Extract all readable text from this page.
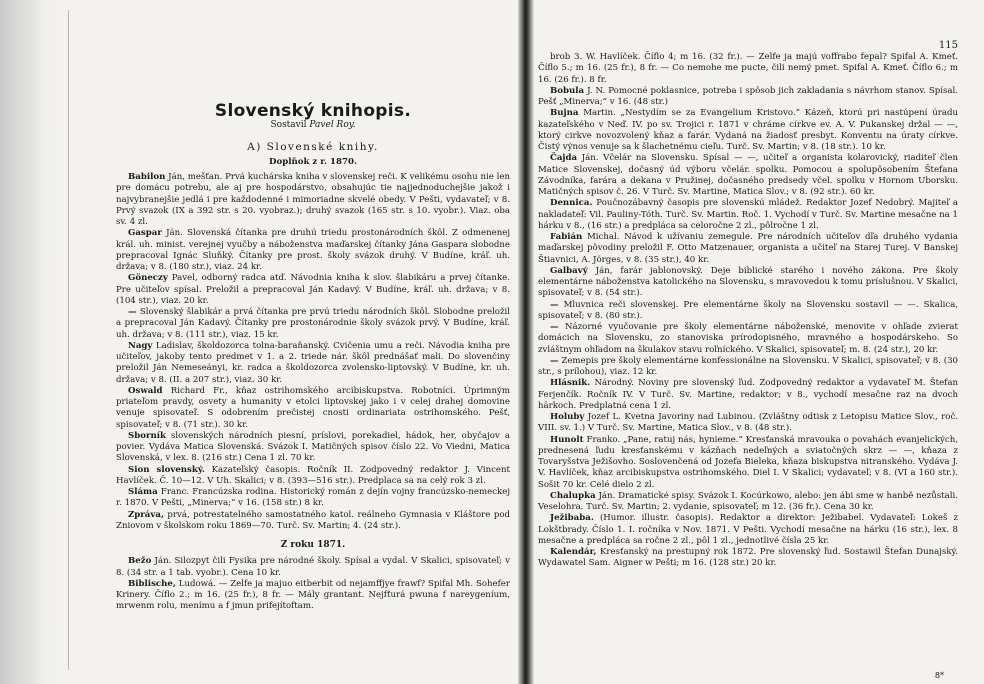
Slovenský knihopis.
Sostavil Pavel Roy.
A) Slovenské knihy.
Doplňok z r. 1870.

Babilon Ján, mešťan. Prvá kuchárska kniha v slovenskej reči. K velikému osohu nie len pre domácu potrebu, ale aj pre hospodárstvo, obsahujúc tie najjednoduchejšie jakož i najvybranejšie jedlá i pre každodenné i mimoriadne skvelé obedy. V Pešti, vydavateľ; v 8. Prvý svazok (IX a 392 str. s 20. vyobraz.); druhý svazok (165 str. s 10. vyobr.). Viaz. oba sv. 4 zl.

Gaspar Ján. Slovenská čítanka pre druhú triedu prostonárodních škôl. Z odmenenej král. uh. minist. verejnej vyučby a náboženstva maďarskej čítanky Jána Gaspara slobodne prepracoval Ignác Sluňký. Čítanky pre prost. školy svázok druhý. V Budíne, kráľ. uh. država; v 8. (180 str.), viaz. 24 kr.

Göneczy Pavel, odborný radca atď. Návodnia kniha k slov. šlabikáru a prvej čítanke. Pre učiteľov spísal. Preložil a prepracoval Ján Kadavý. V Budíne, kráľ. uh. država; v 8. (104 str.), viaz. 20 kr.

— Slovenský šlabikár a prvá čítanka pre prvú triedu národních škôl. Slobodne preložil a prepracoval Ján Kadavý. Čítanky pre prostonárodnie školy svázok prvý. V Budíne, kráľ. uh. država; v 8. (111 str.), viaz. 15 kr.

Nagy Ladislav, školdozorca tolna-baraňanský. Cvičenia umu a reči. Návodia kniha pre učiteľov, jakoby tento predmet v 1. a 2. triede nár. škôl prednášať mali. Do slovenčiny preložil Ján Nemeseányi, kr. radca a školdozorca zvolensko-liptovský. V Budíne, kr. uh. država; v 8. (II. a 207 str.), viaz. 30 kr.

Oswald Richard Fr., kňaz ostrihomského arcibiskupstva. Robotníci. Úprimným priateľom pravdy, osvety a humanity v etolci liptovskej jako i v celej drahej domovine venuje spisovateľ. S odobrením prečistej cnosti ordinariata ostrihomského. Pešť, spisovateľ; v 8. (71 str.). 30 kr.

Sborník slovenských národních piesní, príslovi, porekadiel, hádok, her, obyčajov a povier. Vydáva Matica Slovenská. Svázok I. Matičných spisov číslo 22. Vo Viedni, Matica Slovenská, v lex. 8. (216 str.) Cena 1 zl. 70 kr.

Sion slovenský. Kazateľský časopis. Ročník II. Zodpovedný redaktor J. Vincent Havlíček. Č. 10—12. V Uh. Skalici; v 8. (393—516 str.). Predplaca sa na celý rok 3 zl.

Sláma Franc. Francúzska rodina. Historický román z dejín vojny francúzsko-nemeckej r. 1870. V Pešti, „Minerva;“ v 16. (158 str.) 8 kr.

Zpráva, prvá, potrestatelného samostatného katol. reálneho Gymnasia v Kláštore pod Zniovom v školskom roku 1869—70. Turč. Sv. Martin; 4. (24 str.).

Z roku 1871.

Bežo Ján. Silozpyt čili Fysika pre národné školy. Spísal a vydal. V Skalici, spisovateľ; v 8. (34 str. a 1 tab. vyobr.). Cena 10 kr.

Biblische, Ludowá. — Zelfe ja majuo eitberbit od nejamffjye frawf? Spifal Mh. Sohefer Krinery. Číflo 2.; m 16. (25 fr.), 8 fr. — Mály grantant. Nejfťurá pwuna f nareygeníum, mrwenm rolu, menímu a f jmun prifejítoftam.

115

brob 3. W. Havlíček. Číflo 4; m 16. (32 fr.). — Zelfe ja majú voffrabo fepal? Spifal A. Kmeť. Číflo 5.; m 16. (25 fr.), 8 fr. — Co nemohe me pucte, čili nemý pmet. Spifal A. Kmeť. Číflo 6.; m 16. (26 fr.). 8 fr.

Bobula J. N. Pomocné poklasnice, potreba i spôsob jich zakladania s návrhom stanov. Spísal. Pešť „Minerva;“ v 16. (48 str.)

Bujna Martin. „Nestydím se za Evangelium Kristovo.“ Kázeň, ktorú pri nastúpení úradu kazateľského v Neď. IV. po sv. Trojici r. 1871 v chráme církve ev. A. V. Pukanskej držal — —, ktorý cirkve novozvolený kňaz a farár. Vydaná na žiadosť presbyt. Konventu na úraty církve. Čistý výnos venuje sa k šlachetnému cieľu. Turč. Sv. Martin; v 8. (18 str.). 10 kr.

Čajda Ján. Včelár na Slovensku. Spísal — —, učiteľ a organista kolarovický, riaditeľ člen Matice Slovenskej, dočasný úd výboru včelár. spolku. Pomocou a spolupôsobením Štefana Závodníka, farára a dekana v Pružinej, dočasného predsedy včel. spolku v Hornom Uborsku. Matičných spisov č. 26. V Turč. Sv. Martine, Matica Slov.; v 8. (92 str.). 60 kr.

Dennica. Poučnozábavný časopis pre slovenskú mládež. Redaktor Jozef Nedobrý. Majiteľ a nakladateľ: Vil. Pauliny-Tóth. Turč. Sv. Martin. Roč. 1. Vychodí v Turč. Sv. Martine mesačne na 1 hárku v 8., (16 str.) a predpláca sa celoročne 2 zl., pôlročne 1 zl.

Fabián Michal. Návod k užívaniu zemegule. Pre národních učiteľov dľa druhého vydania maďarskej pôvodiny preložil F. Otto Matzenauer, organista a učiteľ na Starej Turej. V Banskej Štiavnici, A. Jörges, v 8. (35 str.), 40 kr.

Galbavý Ján, farár jablonovský. Deje biblické starého i nového zákona. Pre školy elementárne náboženstva katolického na Slovensku, s mravovedou k tomu príslušnou. V Skalici, spisovateľ; v 8. (54 str.).

— Mluvnica reči slovenskej. Pre elementárne školy na Slovensku sostavil — —. Skalica, spisovateľ; v 8. (80 str.).

— Názorné vyučovanie pre školy elementárne náboženské, menovite v ohľade zvierat domácich na Slovensku, zo stanoviska prírodopisného, mravného a hospodárskeho. So zvláštnym ohľadom na škulakov stavu roľníckého. V Skalici, spisovateľ; m. 8. (24 str.), 20 kr.

— Zemepis pre školy elementárne konfessionálne na Slovensku. V Skalici, spisovateľ; v 8. (30 str., s prílohou), viaz. 12 kr.

Hlásnik. Národný. Noviny pre slovenský ľud. Zodpovedný redaktor a vydavateľ M. Štefan Ferjenčík. Ročník IV. V Turč. Sv. Martine, redaktor; v 8., vychodí mesačne raz na dvoch hárkoch. Predplatná cena 1 zl.

Holuby Jozef L. Kvetna Javoriny nad Lubinou. (Zvláštny odtisk z Letopisu Matice Slov., roč. VIII. sv. 1.) V Turč. Sv. Martine, Matica Slov., v 8. (48 str.).

Hunolt Franko. „Pane, ratuj nás, hynieme.“ Kresťanská mravouka o povahách evanjelických, prednesená ľudu kresťanskému v kázňach nedeľných a sviatočných skrz — —, kňaza z Tovaryšstva Ježišovho. Soslovenčená od Jozefa Bieleka, kňaza biskupstva nitranského. Vydáva J. V. Havlíček, kňaz arcibiskupstva ostrihomského. Diel I. V Skalici; vydavateľ; v 8. (VI a 160 str.). Sošit 70 kr. Celé dielo 2 zl.

Chalupka Ján. Dramatické spisy. Svázok I. Kocúrkowo, alebo: jen ábi sme w hanbě nezůstali. Veselohra. Turč. Sv. Martin; 2. vydanie, spisovateľ; m 12. (36 fr.). Cena 30 kr.

Ježibaba. (Humor. illustr. časopis). Redaktor a direktor: Ježibabel. Vydavateľ: Lokeš z Lokštbrady. Číslo 1. I. ročníka v Nov. 1871. V Pešti. Vychodí mesačne na hárku (16 str.), lex. 8 mesačne a predpláca sa ročne 2 zl., pôl 1 zl., jednotlivé čísla 25 kr.

Kalendár, Kresťanský na prestupný rok 1872. Pre slovenský ľud. Sostawil Štefan Dunajský. Wydawatel Sam. Aigner w Pešti; m 16. (128 str.) 20 kr.

8*
